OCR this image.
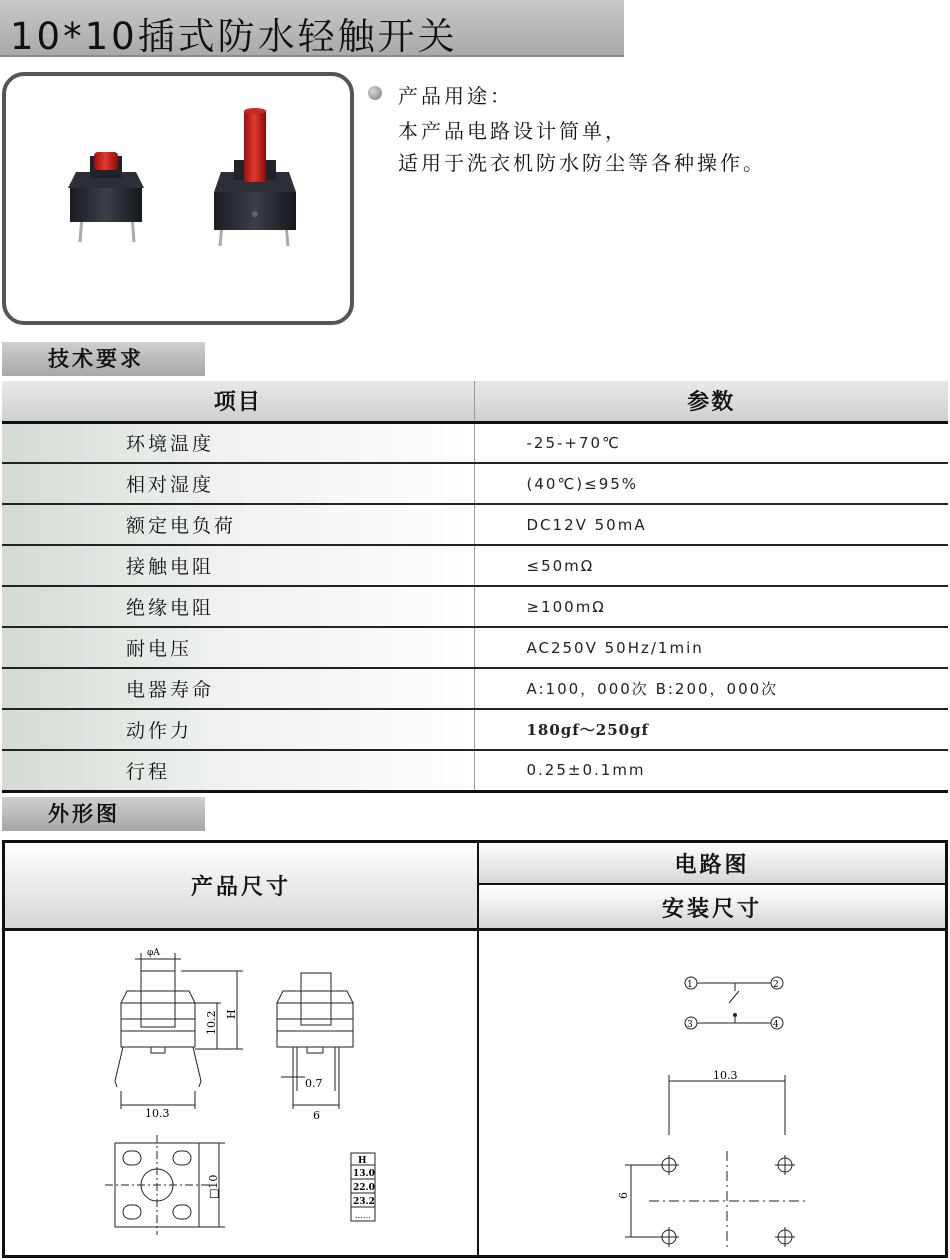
10*10插式防水轻触开关
产品用途：
本产品电路设计简单，
适用于洗衣机防水防尘等各种操作。
技术要求
项目	参数
环境温度	-25-+70℃
相对湿度	(40℃)≤95%
额定电负荷	DC12V 50mA
接触电阻	≤50mΩ
绝缘电阻	≥100mΩ
耐电压	AC250V 50Hz/1min
电器寿命	A:100，000次 B:200，000次
动作力	180gf～250gf
行程	0.25±0.1mm
外形图
产品尺寸
电路图
安装尺寸
φA
10.2 H
10.3
0.7
6
□10
H
13.0
22.0
23.2
……
1	2
3	4
10.3
6
